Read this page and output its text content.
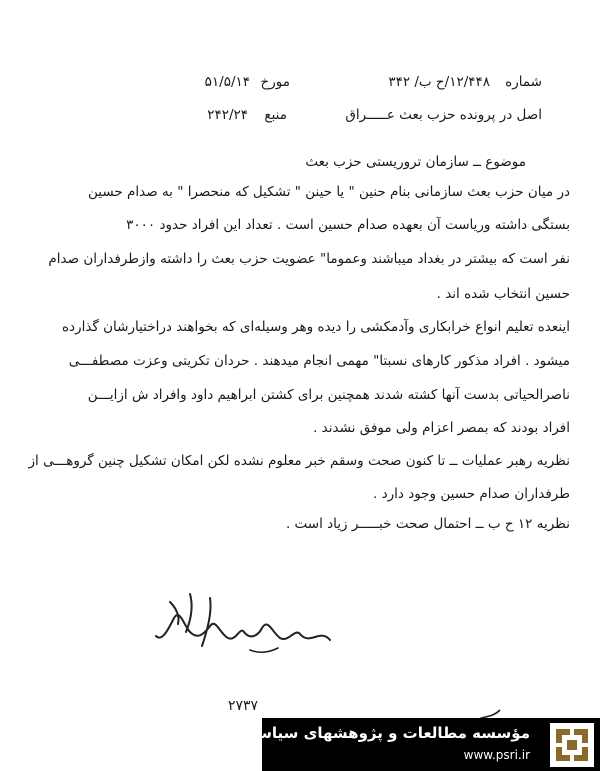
شماره
۱۲/۴۴۸/ح ب/ ۳۴۲
مورخ
۵۱/۵/۱۴
اصل در پرونده حزب بعث عـــــراق
منبع
۲۴۲/۲۴
موضوع ــ سازمان تروریستی حزب بعث
در میان حزب بعث سازمانی بنام حنین " یا حینن " تشکیل که منحصرا " به صدام حسین
بستگی داشته وریاست آن بعهده صدام حسین است . تعداد این افراد حدود ۳۰۰۰
نفر است که بیشتر در بغداد میباشند وعموما" عضویت حزب بعث را داشته وازطرفداران صدام
حسین انتخاب شده اند .
اینعده تعلیم انواع خرابکاری وآدمکشی را دیده وهر وسیله‌ای که بخواهند دراختیارشان گذارده
میشود . افراد مذکور کارهای نسبتا" مهمی انجام میدهند . حردان تکریتی وعزت مصطفـــی
ناصرالحیاتی بدست آنها کشته شدند همچنین برای کشتن ابراهیم داود وافراد ش ازایـــن
افراد بودند که بمصر اعزام ولی موفق نشدند .
نظریه رهبر عملیات ــ تا کنون صحت وسقم خبر معلوم نشده لکن امکان تشکیل چنین گروهـــی از
طرفداران صدام حسین وجود دارد .
نظریه ۱۲ ح ب ــ احتمال صحت خبـــــر زیاد است .
۲۷۳۷
مؤسسه مطالعات و پژوهشهای سیاسی
www.psri.ir
